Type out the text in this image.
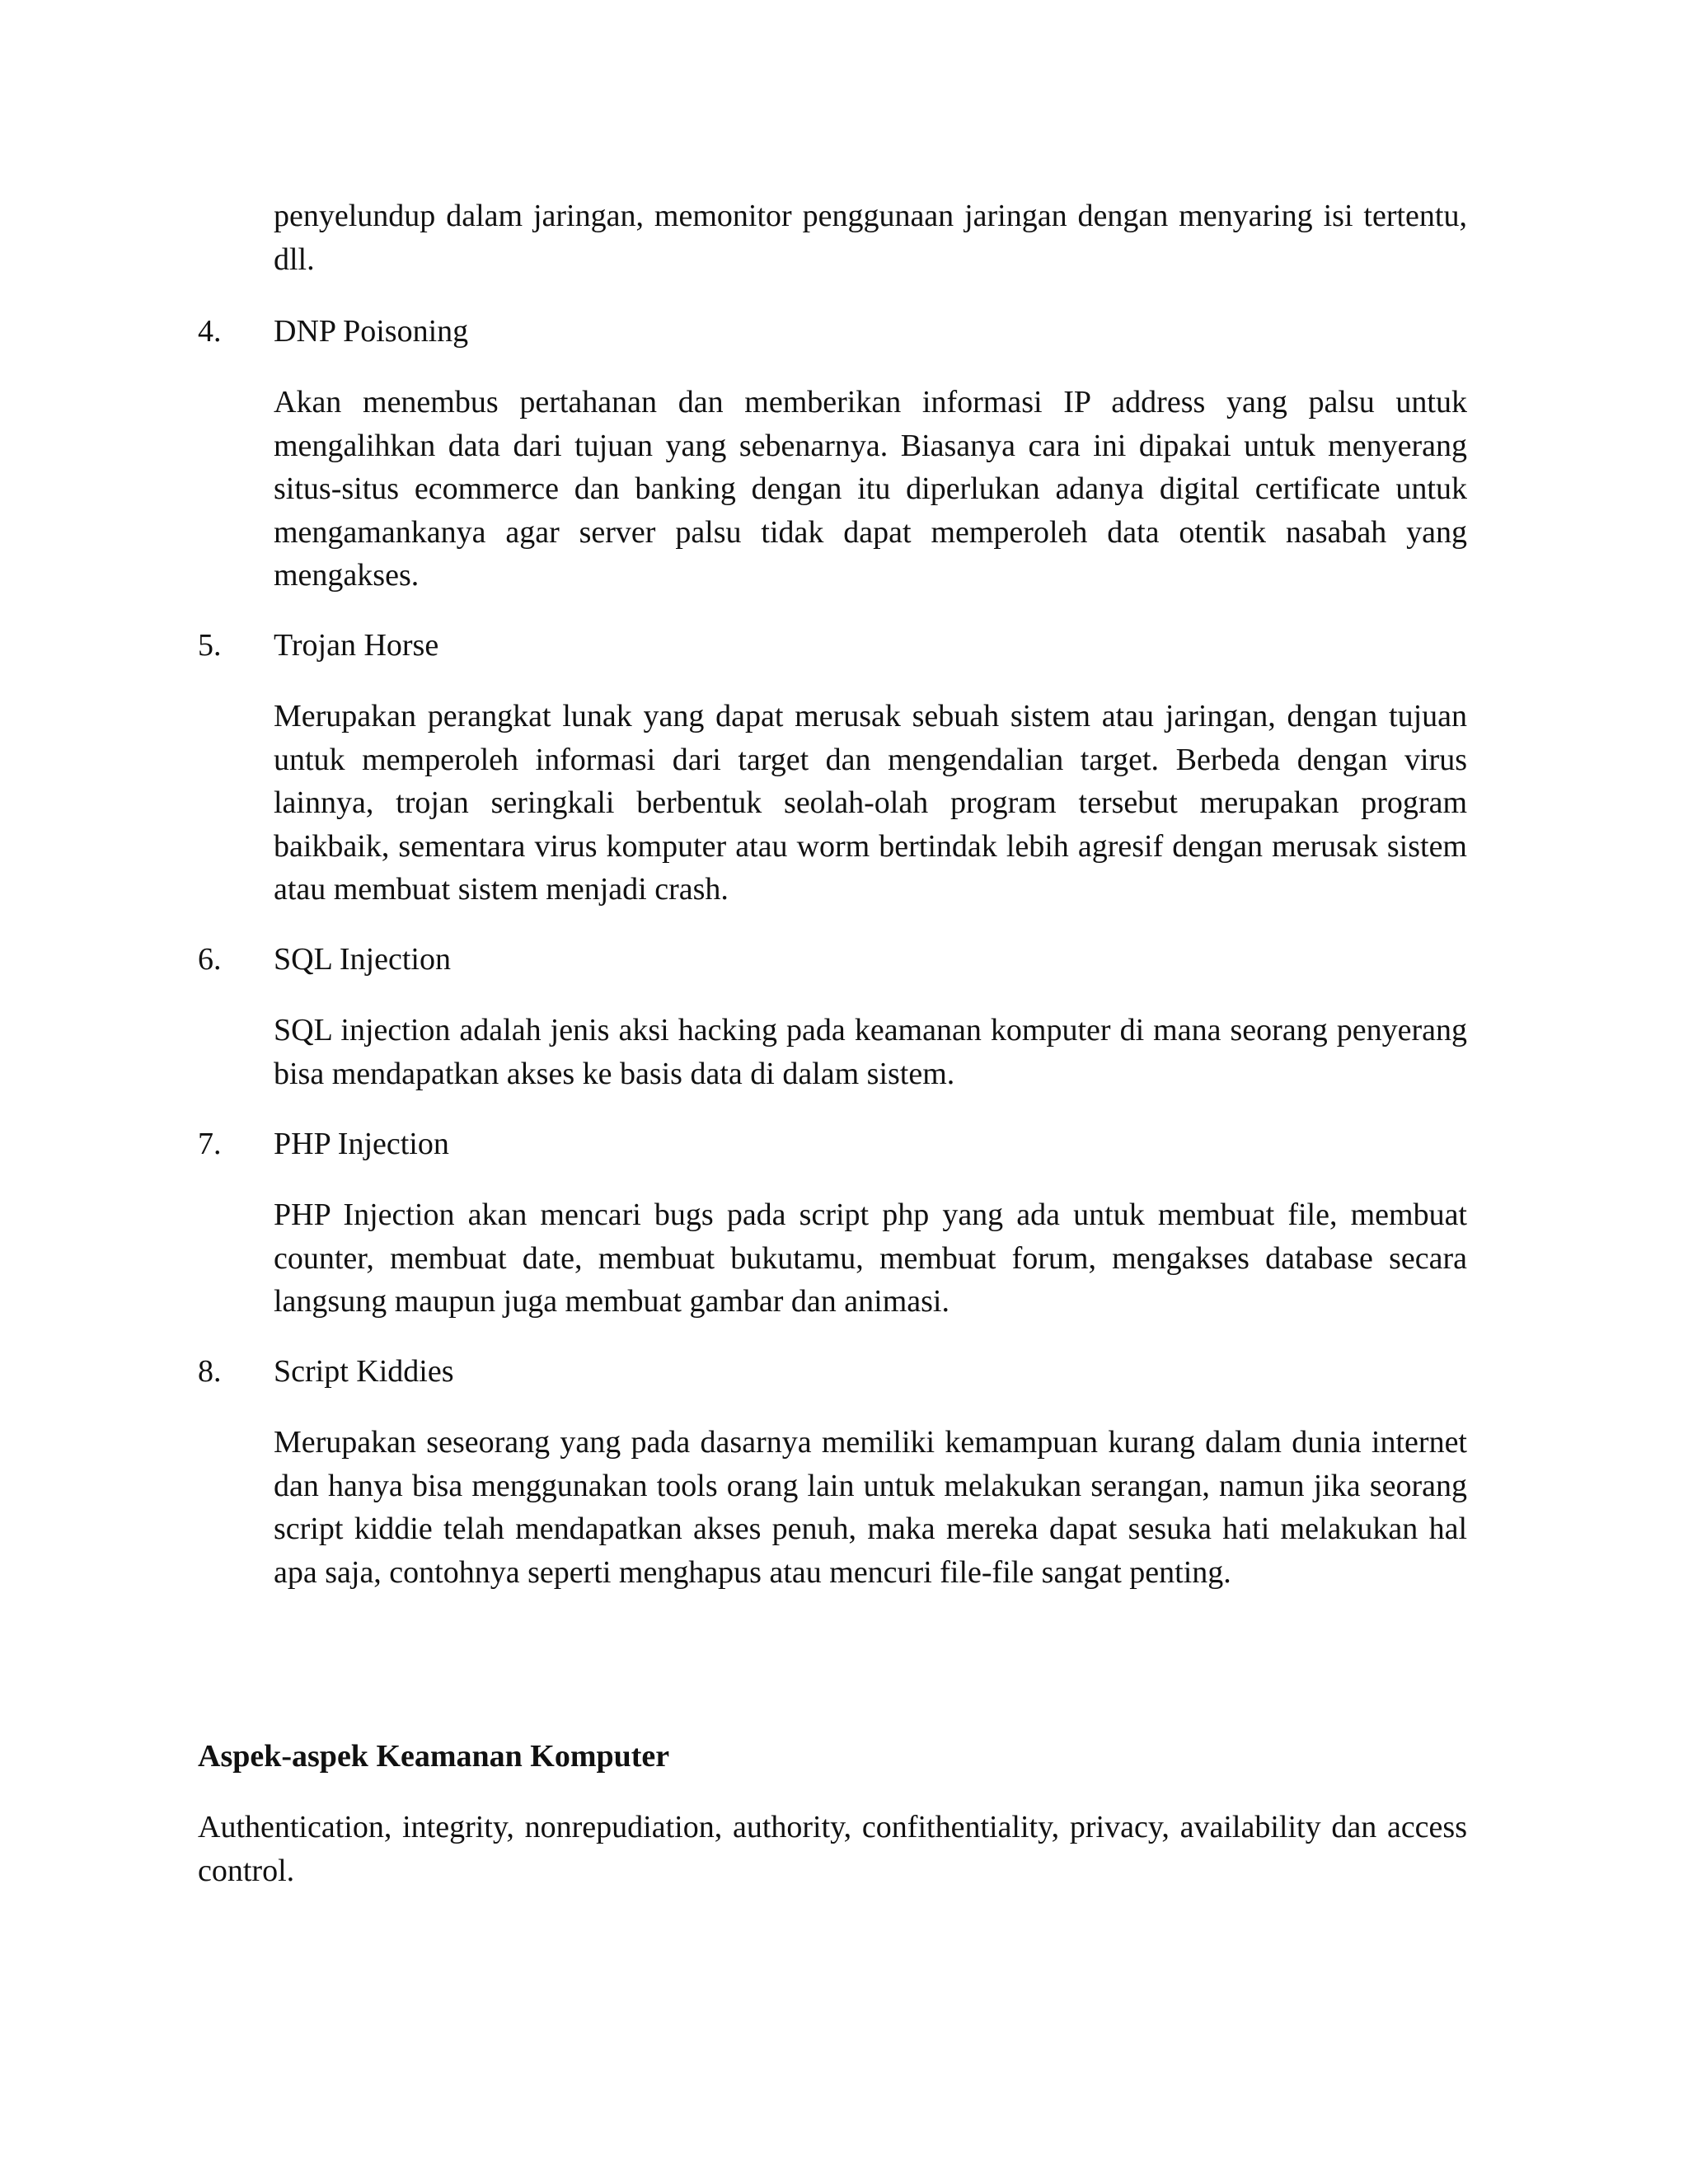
penyelundup dalam jaringan, memonitor penggunaan jaringan dengan menyaring isi tertentu, dll.

4. DNP Poisoning

Akan menembus pertahanan dan memberikan informasi IP address yang palsu untuk mengalihkan data dari tujuan yang sebenarnya. Biasanya cara ini dipakai untuk menyerang situs-situs ecommerce dan banking dengan itu diperlukan adanya digital certificate untuk mengamankanya agar server palsu tidak dapat memperoleh data otentik nasabah yang mengakses.

5. Trojan Horse

Merupakan perangkat lunak yang dapat merusak sebuah sistem atau jaringan, dengan tujuan untuk memperoleh informasi dari target dan mengendalian target. Berbeda dengan virus lainnya, trojan seringkali berbentuk seolah-olah program tersebut merupakan program baikbaik, sementara virus komputer atau worm bertindak lebih agresif dengan merusak sistem atau membuat sistem menjadi crash.

6. SQL Injection

SQL injection adalah jenis aksi hacking pada keamanan komputer di mana seorang penyerang bisa mendapatkan akses ke basis data di dalam sistem.

7. PHP Injection

PHP Injection akan mencari bugs pada script php yang ada untuk membuat file, membuat counter, membuat date, membuat bukutamu, membuat forum, mengakses database secara langsung maupun juga membuat gambar dan animasi.

8. Script Kiddies

Merupakan seseorang yang pada dasarnya memiliki kemampuan kurang dalam dunia internet dan hanya bisa menggunakan tools orang lain untuk melakukan serangan, namun jika seorang script kiddie telah mendapatkan akses penuh, maka mereka dapat sesuka hati melakukan hal apa saja, contohnya seperti menghapus atau mencuri file-file sangat penting.

Aspek-aspek Keamanan Komputer

Authentication, integrity, nonrepudiation, authority, confithentiality, privacy, availability dan access control.
